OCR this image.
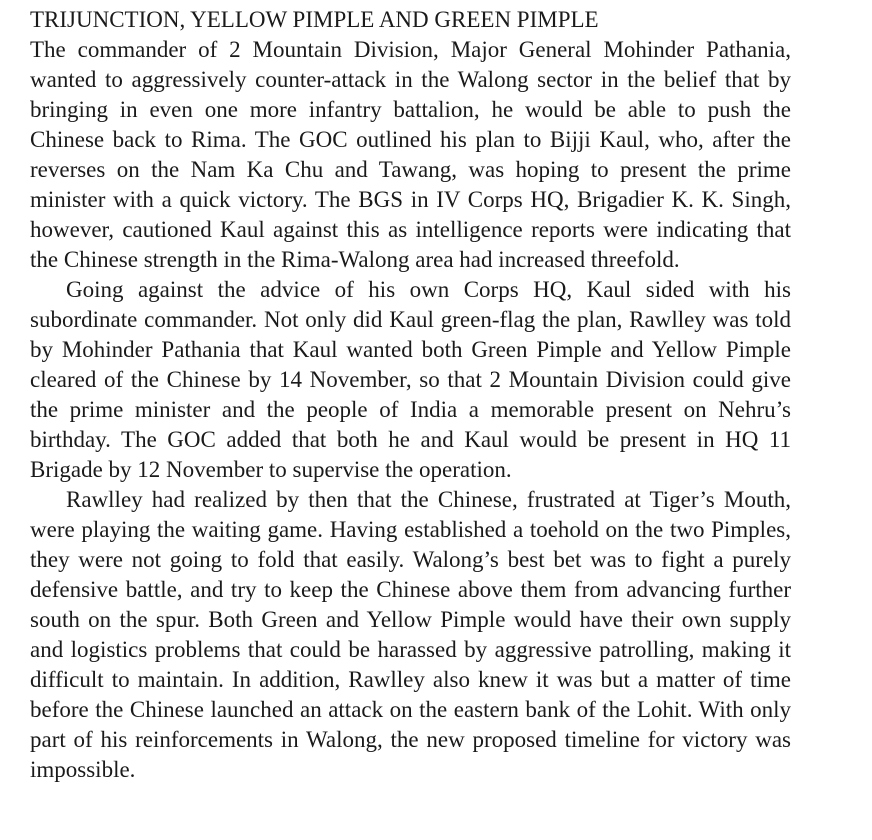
TRIJUNCTION, YELLOW PIMPLE AND GREEN PIMPLE

The commander of 2 Mountain Division, Major General Mohinder Pathania, wanted to aggressively counter-attack in the Walong sector in the belief that by bringing in even one more infantry battalion, he would be able to push the Chinese back to Rima. The GOC outlined his plan to Bijji Kaul, who, after the reverses on the Nam Ka Chu and Tawang, was hoping to present the prime minister with a quick victory. The BGS in IV Corps HQ, Brigadier K. K. Singh, however, cautioned Kaul against this as intelligence reports were indicating that the Chinese strength in the Rima-Walong area had increased threefold.

Going against the advice of his own Corps HQ, Kaul sided with his subordinate commander. Not only did Kaul green-flag the plan, Rawlley was told by Mohinder Pathania that Kaul wanted both Green Pimple and Yellow Pimple cleared of the Chinese by 14 November, so that 2 Mountain Division could give the prime minister and the people of India a memorable present on Nehru’s birthday. The GOC added that both he and Kaul would be present in HQ 11 Brigade by 12 November to supervise the operation.

Rawlley had realized by then that the Chinese, frustrated at Tiger’s Mouth, were playing the waiting game. Having established a toehold on the two Pimples, they were not going to fold that easily. Walong’s best bet was to fight a purely defensive battle, and try to keep the Chinese above them from advancing further south on the spur. Both Green and Yellow Pimple would have their own supply and logistics problems that could be harassed by aggressive patrolling, making it difficult to maintain. In addition, Rawlley also knew it was but a matter of time before the Chinese launched an attack on the eastern bank of the Lohit. With only part of his reinforcements in Walong, the new proposed timeline for victory was impossible.
